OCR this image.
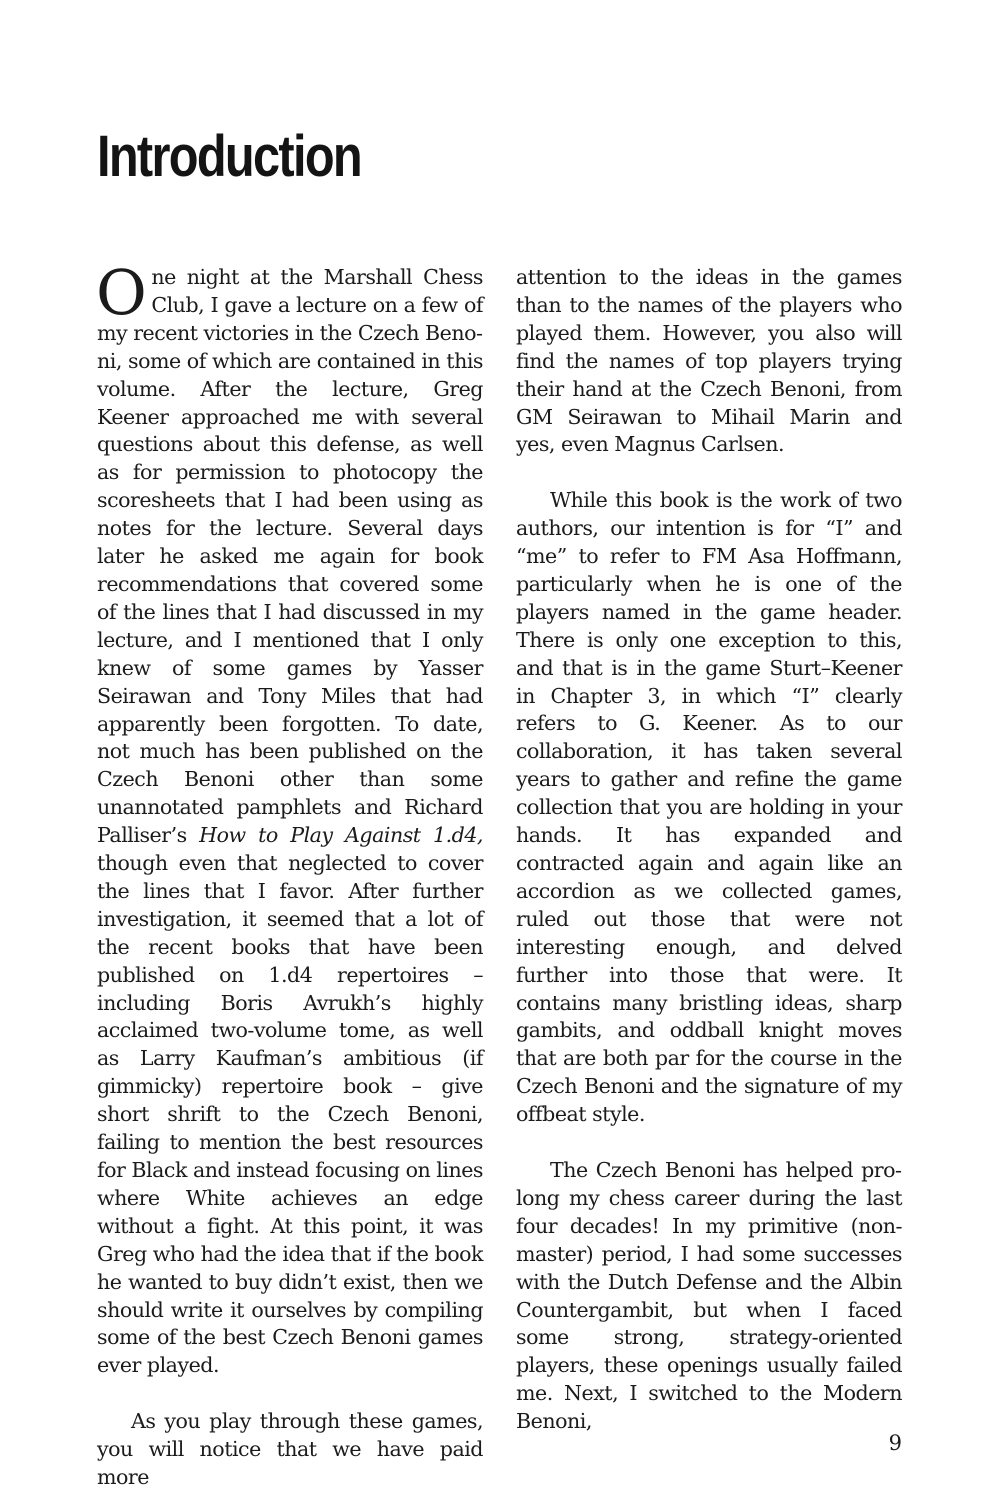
Introduction

One night at the Marshall Chess Club, I gave a lecture on a few of my recent victories in the Czech Benoni, some of which are contained in this volume. After the lecture, Greg Keener approached me with several questions about this defense, as well as for permission to photocopy the scoresheets that I had been using as notes for the lecture. Several days later he asked me again for book recommendations that covered some of the lines that I had discussed in my lecture, and I mentioned that I only knew of some games by Yasser Seirawan and Tony Miles that had apparently been forgotten. To date, not much has been published on the Czech Benoni other than some unannotated pamphlets and Richard Palliser’s How to Play Against 1.d4, though even that neglected to cover the lines that I favor. After further investigation, it seemed that a lot of the recent books that have been published on 1.d4 repertoires – including Boris Avrukh’s highly acclaimed two-volume tome, as well as Larry Kaufman’s ambitious (if gimmicky) repertoire book – give short shrift to the Czech Benoni, failing to mention the best resources for Black and instead focusing on lines where White achieves an edge without a fight. At this point, it was Greg who had the idea that if the book he wanted to buy didn’t exist, then we should write it ourselves by compiling some of the best Czech Benoni games ever played.

As you play through these games, you will notice that we have paid more

attention to the ideas in the games than to the names of the players who played them. However, you also will find the names of top players trying their hand at the Czech Benoni, from GM Seirawan to Mihail Marin and yes, even Magnus Carlsen.

While this book is the work of two authors, our intention is for “I” and “me” to refer to FM Asa Hoffmann, particularly when he is one of the players named in the game header. There is only one exception to this, and that is in the game Sturt–Keener in Chapter 3, in which “I” clearly refers to G. Keener. As to our collaboration, it has taken several years to gather and refine the game collection that you are holding in your hands. It has expanded and contracted again and again like an accordion as we collected games, ruled out those that were not interesting enough, and delved further into those that were. It contains many bristling ideas, sharp gambits, and oddball knight moves that are both par for the course in the Czech Benoni and the signature of my offbeat style.

The Czech Benoni has helped prolong my chess career during the last four decades! In my primitive (non-master) period, I had some successes with the Dutch Defense and the Albin Countergambit, but when I faced some strong, strategy-oriented players, these openings usually failed me. Next, I switched to the Modern Benoni,

9
